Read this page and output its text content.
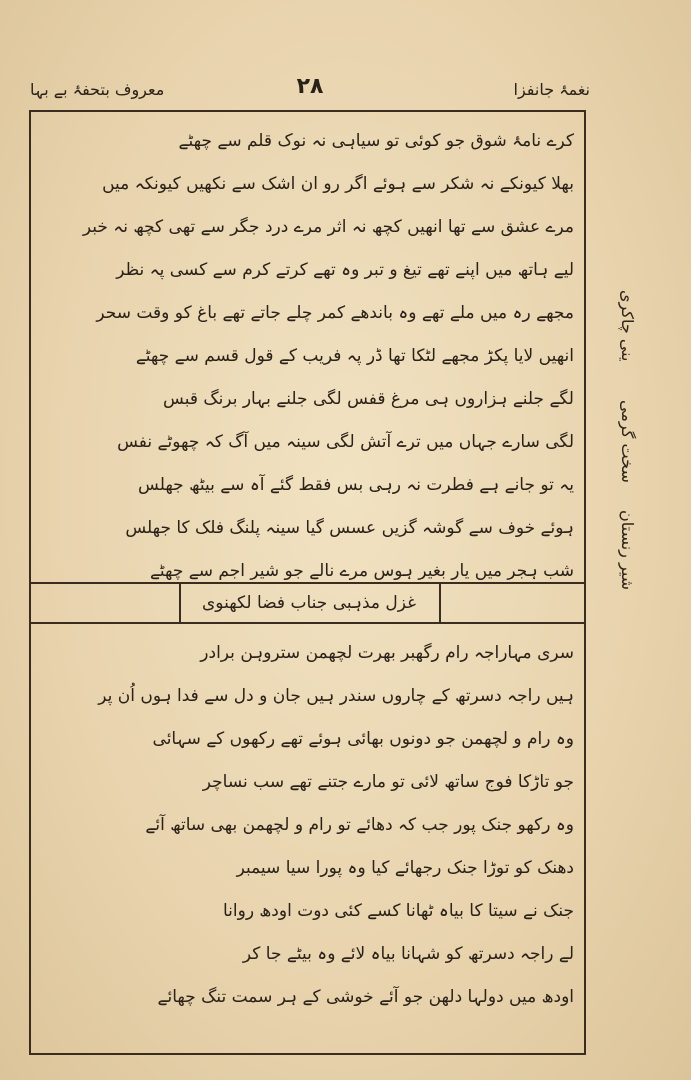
نغمۂ جانفزا
۲۸
معروف بتحفۂ بے بہا
کرے نامۂ شوق جو کوئی تو سیاہی نہ نوک قلم سے چھٹے
بھلا کیونکے نہ شکر سے ہوئے اگر رو ان اشک سے نکھیں کیونکہ میں
مرے عشق سے تھا انھیں کچھ نہ اثر مرے درد جگر سے تھی کچھ نہ خبر
لیے ہاتھ میں اپنے تھے تیغ و تبر وہ تھے کرتے کرم سے کسی پہ نظر
مجھے رہ میں ملے تھے وہ باندھے کمر چلے جاتے تھے باغ کو وقت سحر
انھیں لایا پکڑ مجھے لٹکا تھا ڈر پہ فریب کے قول قسم سے چھٹے
لگے جلنے ہزاروں ہی مرغ قفس لگی جلنے بہار برنگ قبس
لگی سارے جہاں میں ترے آتش لگی سینہ میں آگ کہ چھوٹے نفس
یہ تو جانے ہے فطرت نہ رہی بس فقط گئے آہ سے بیٹھ جھلس
ہوئے خوف سے گوشہ گزیں عسس گیا سینہ پلنگ فلک کا جھلس
شب ہجر میں یار بغیر ہوس مرے نالے جو شیر اجم سے چھٹے
غزل مذہبی جناب فضا لکھنوی
سری مہاراجہ رام رگھبر بھرت لچھمن ستروہن برادر
ہیں راجہ دسرتھ کے چاروں سندر ہیں جان و دل سے فدا ہوں اُن پر
وہ رام و لچھمن جو دونوں بھائی ہوئے تھے رکھوں کے سہائی
جو تاڑکا فوج ساتھ لائی تو مارے جتنے تھے سب نساچر
وہ رکھو جنک پور جب کہ دھائے تو رام و لچھمن بھی ساتھ آئے
دھنک کو توڑا جنک رجھائے کیا وہ پورا سیا سیمبر
جنک نے سیتا کا بیاہ ٹھانا کسے کئی دوت اودھ روانا
لے راجہ دسرتھ کو شہانا بیاہ لائے وہ بیٹے جا کر
اودھ میں دولہا دلھن جو آئے خوشی کے ہر سمت تنگ چھائے
ینی چاکری
سخت گرمی
شیر رنستان
